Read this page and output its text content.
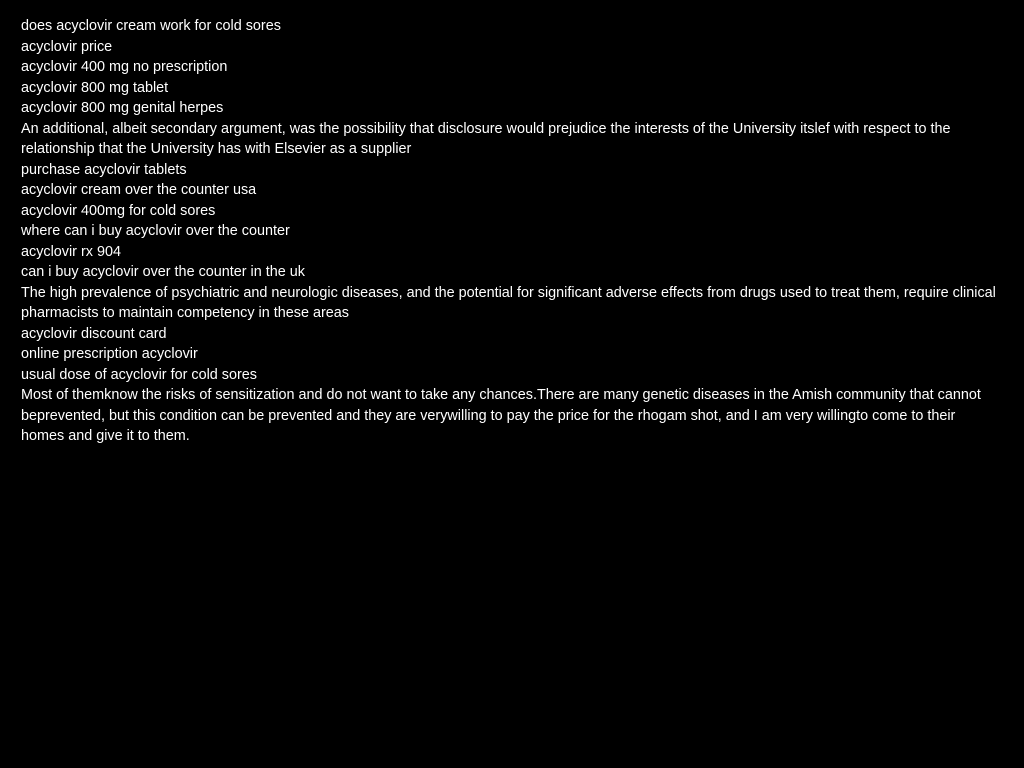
does acyclovir cream work for cold sores
acyclovir price
acyclovir 400 mg no prescription
acyclovir 800 mg tablet
acyclovir 800 mg genital herpes
An additional, albeit secondary argument, was the possibility that disclosure would prejudice the interests of the University itslef with respect to the relationship that the University has with Elsevier as a supplier
purchase acyclovir tablets
acyclovir cream over the counter usa
acyclovir 400mg for cold sores
where can i buy acyclovir over the counter
acyclovir rx 904
can i buy acyclovir over the counter in the uk
The high prevalence of psychiatric and neurologic diseases, and the potential for significant adverse effects from drugs used to treat them, require clinical pharmacists to maintain competency in these areas
acyclovir discount card
online prescription acyclovir
usual dose of acyclovir for cold sores
Most of themknow the risks of sensitization and do not want to take any chances.There are many genetic diseases in the Amish community that cannot beprevented, but this condition can be prevented and they are verywilling to pay the price for the rhogam shot, and I am very willingto come to their homes and give it to them.
